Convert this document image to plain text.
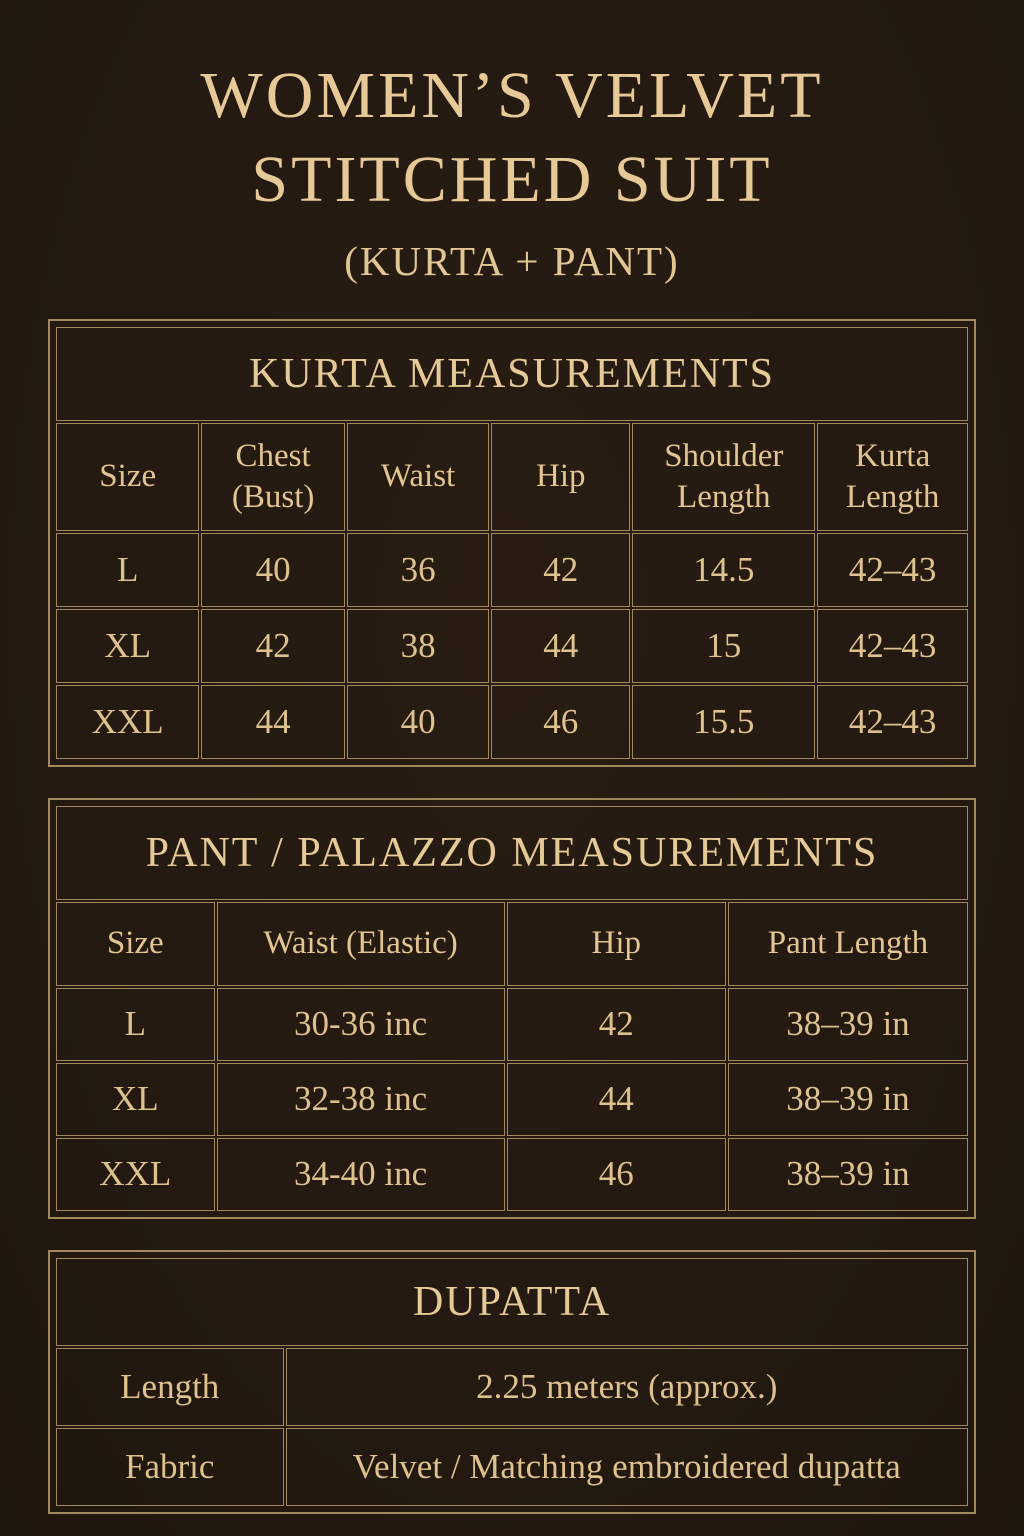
WOMEN’S VELVET
STITCHED SUIT
(KURTA + PANT)
KURTA MEASUREMENTS					
Size	Chest (Bust)	Waist	Hip	Shoulder Length	Kurta Length
L	40	36	42	14.5	42–43
XL	42	38	44	15	42–43
XXL	44	40	46	15.5	42–43
PANT / PALAZZO MEASUREMENTS			
Size	Waist (Elastic)	Hip	Pant Length
L	30-36 inc	42	38–39 in
XL	32-38 inc	44	38–39 in
XXL	34-40 inc	46	38–39 in
DUPATTA	
Length	2.25 meters (approx.)
Fabric	Velvet / Matching embroidered dupatta
